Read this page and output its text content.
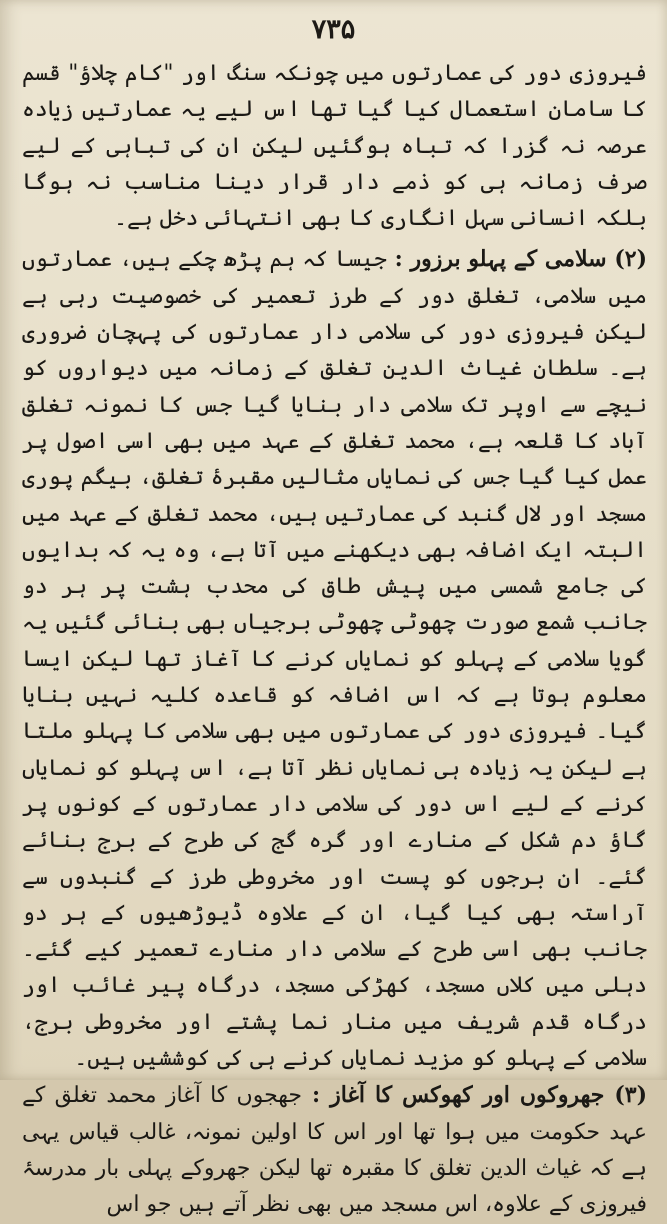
۷۳۵

فیروزی دور کی عمارتوں میں چونکہ سنگ اور "کام چلاؤ" قسم کا سامان استعمال کیا گیا تھا اس لیے یہ عمارتیں زیادہ عرصہ نہ گزرا کہ تباہ ہوگئیں لیکن ان کی تباہی کے لیے صرف زمانہ ہی کو ذمے دار قرار دینا مناسب نہ ہوگا بلکہ انسانی سہل انگاری کا بھی انتہائی دخل ہے۔

(۲) سلامی کے پہلو برزور : جیسا کہ ہم پڑھ چکے ہیں، عمارتوں میں سلامی، تغلق دور کے طرز تعمیر کی خصوصیت رہی ہے لیکن فیروزی دور کی سلامی دار عمارتوں کی پہچان ضروری ہے۔ سلطان غیاث الدین تغلق کے زمانہ میں دیواروں کو نیچے سے اوپر تک سلامی دار بنایا گیا جس کا نمونہ تغلق آباد کا قلعہ ہے، محمد تغلق کے عہد میں بھی اسی اصول پر عمل کیا گیا جس کی نمایاں مثالیں مقبرۂ تغلق، بیگم پوری مسجد اور لال گنبد کی عمارتیں ہیں، محمد تغلق کے عہد میں البتہ ایک اضافہ بھی دیکھنے میں آتا ہے، وہ یہ کہ بدایوں کی جامع شمسی میں پیش طاق کی محدب ہشت پر ہر دو جانب شمع صورت چھوٹی چھوٹی برجیاں بھی بنائی گئیں یہ گویا سلامی کے پہلو کو نمایاں کرنے کا آغاز تھا لیکن ایسا معلوم ہوتا ہے کہ اس اضافہ کو قاعدہ کلیہ نہیں بنایا گیا۔ فیروزی دور کی عمارتوں میں بھی سلامی کا پہلو ملتا ہے لیکن یہ زیادہ ہی نمایاں نظر آتا ہے، اس پہلو کو نمایاں کرنے کے لیے اس دور کی سلامی دار عمارتوں کے کونوں پر گاؤ دم شکل کے منارے اور گرہ گج کی طرح کے برج بنائے گئے۔ ان برجوں کو پست اور مخروطی طرز کے گنبدوں سے آراستہ بھی کیا گیا، ان کے علاوہ ڈیوڑھیوں کے ہر دو جانب بھی اسی طرح کے سلامی دار منارے تعمیر کیے گئے۔ دہلی میں کلاں مسجد، کھڑکی مسجد، درگاہ پیر غائب اور درگاہ قدم شریف میں منار نما پشتے اور مخروطی برج، سلامی کے پہلو کو مزید نمایاں کرنے ہی کی کوششیں ہیں۔

(۳) جھروکوں اور کھوکس کا آغاز : جھجوں کا آغاز محمد تغلق کے عہد حکومت میں ہوا تھا اور اس کا اولین نمونہ، غالب قیاس یہی ہے کہ غیاث الدین تغلق کا مقبرہ تھا لیکن جھروکے پہلی بار مدرسۂ فیروزی کے علاوہ، اس مسجد میں بھی نظر آتے ہیں جو اس
